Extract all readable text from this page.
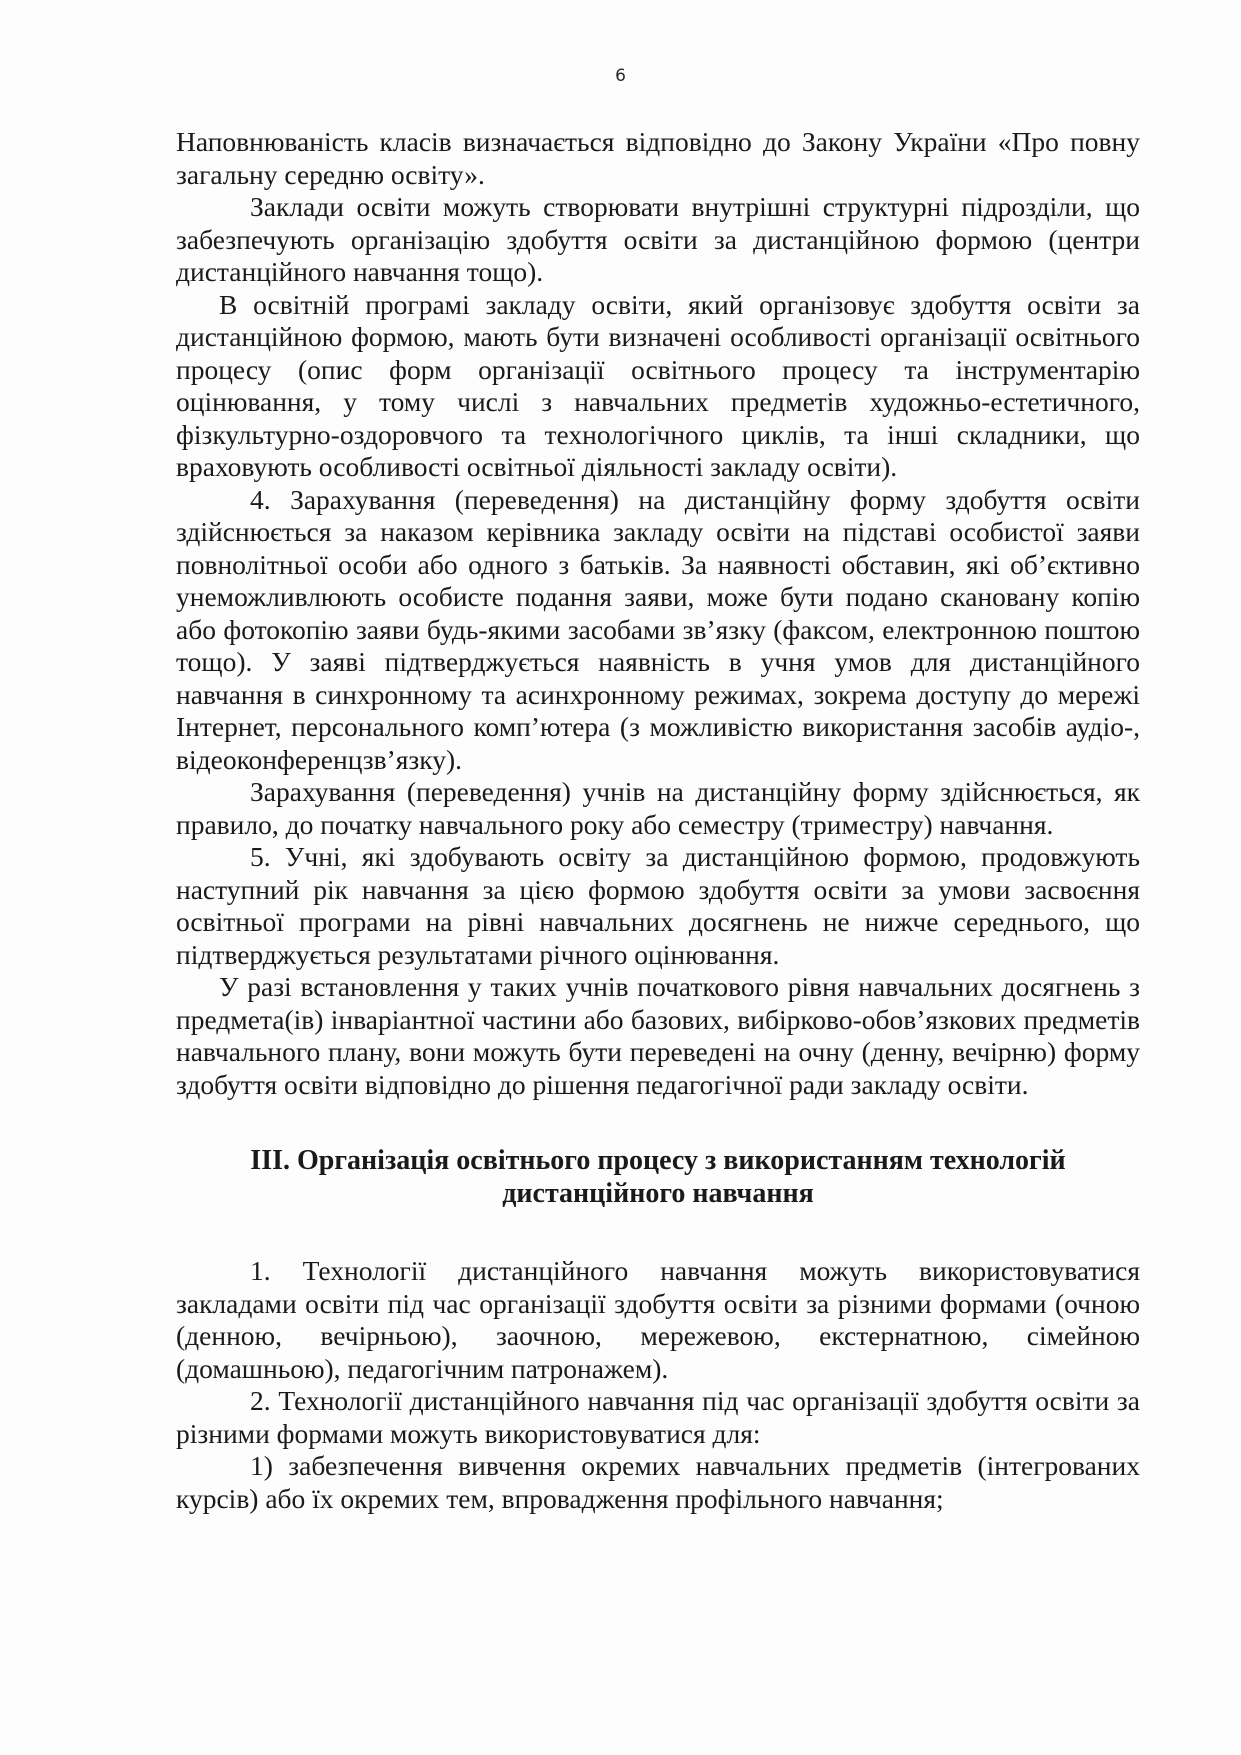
6

Наповнюваність класів визначається відповідно до Закону України «Про повну загальну середню освіту».

Заклади освіти можуть створювати внутрішні структурні підрозділи, що забезпечують організацію здобуття освіти за дистанційною формою (центри дистанційного навчання тощо).

В освітній програмі закладу освіти, який організовує здобуття освіти за дистанційною формою, мають бути визначені особливості організації освітнього процесу (опис форм організації освітнього процесу та інструментарію оцінювання, у тому числі з навчальних предметів художньо-естетичного, фізкультурно-оздоровчого та технологічного циклів, та інші складники, що враховують особливості освітньої діяльності закладу освіти).

4. Зарахування (переведення) на дистанційну форму здобуття освіти здійснюється за наказом керівника закладу освіти на підставі особистої заяви повнолітньої особи або одного з батьків. За наявності обставин, які об’єктивно унеможливлюють особисте подання заяви, може бути подано скановану копію або фотокопію заяви будь-якими засобами зв’язку (факсом, електронною поштою тощо). У заяві підтверджується наявність в учня умов для дистанційного навчання в синхронному та асинхронному режимах, зокрема доступу до мережі Інтернет, персонального комп’ютера (з можливістю використання засобів аудіо-, відеоконференцзв’язку).

Зарахування (переведення) учнів на дистанційну форму здійснюється, як правило, до початку навчального року або семестру (триместру) навчання.

5. Учні, які здобувають освіту за дистанційною формою, продовжують наступний рік навчання за цією формою здобуття освіти за умови засвоєння освітньої програми на рівні навчальних досягнень не нижче середнього, що підтверджується результатами річного оцінювання.

У разі встановлення у таких учнів початкового рівня навчальних досягнень з предмета(ів) інваріантної частини або базових, вибірково-обов’язкових предметів навчального плану, вони можуть бути переведені на очну (денну, вечірню) форму здобуття освіти відповідно до рішення педагогічної ради закладу освіти.

ІІІ. Організація освітнього процесу з використанням технологій
дистанційного навчання

1. Технології дистанційного навчання можуть використовуватися закладами освіти під час організації здобуття освіти за різними формами (очною (денною, вечірньою), заочною, мережевою, екстернатною, сімейною (домашньою), педагогічним патронажем).

2. Технології дистанційного навчання під час організації здобуття освіти за різними формами можуть використовуватися для:

1) забезпечення вивчення окремих навчальних предметів (інтегрованих курсів) або їх окремих тем, впровадження профільного навчання;
